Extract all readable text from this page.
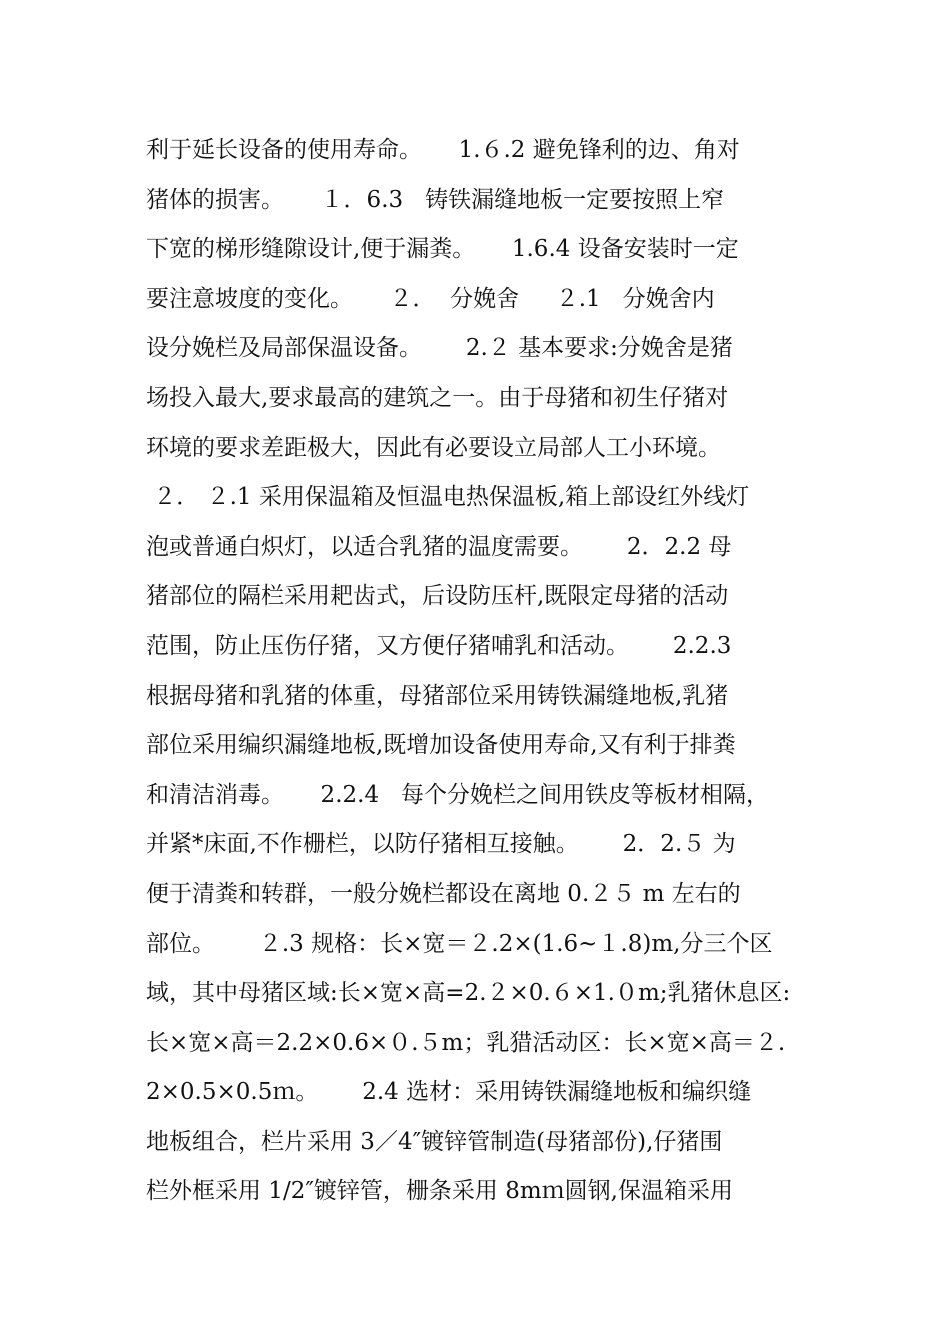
利于延长设备的使用寿命。     1.６.2 避免锋利的边、角对
猪体的损害。     １．6.3   铸铁漏缝地板一定要按照上窄
下宽的梯形缝隙设计,便于漏粪。     1.6.4 设备安装时一定
要注意坡度的变化。     ２．  分娩舍     ２.1   分娩舍内
设分娩栏及局部保温设备。      2.２ 基本要求:分娩舍是猪
场投入最大,要求最高的建筑之一。由于母猪和初生仔猪对
环境的要求差距极大，因此有必要设立局部人工小环境。
２． ２.1 采用保温箱及恒温电热保温板,箱上部设红外线灯
泡或普通白炽灯，以适合乳猪的温度需要。      2．2.2 母
猪部位的隔栏采用耙齿式，后设防压杆,既限定母猪的活动
范围，防止压伤仔猪，又方便仔猪哺乳和活动。      2.2.3
根据母猪和乳猪的体重，母猪部位采用铸铁漏缝地板,乳猪
部位采用编织漏缝地板,既增加设备使用寿命,又有利于排粪
和清洁消毒。     2.2.4   每个分娩栏之间用铁皮等板材相隔，
并紧*床面,不作栅栏，以防仔猪相互接触。      2．2.５ 为
便于清粪和转群，一般分娩栏都设在离地 0.２５ m 左右的
部位。      ２.3 规格：长×宽＝２.2×(1.6~１.8)m,分三个区
域，其中母猪区域:长×宽×高=2.２×0.６×1.０m;乳猪休息区:
长×宽×高＝2.2×0.6×０.５m；乳猎活动区：长×宽×高＝２.
2×0.5×0.5ｍ。      2.4 选材：采用铸铁漏缝地板和编织缝
地板组合，栏片采用 3／4″镀锌管制造(母猪部份),仔猪围
栏外框采用 1/2″镀锌管，栅条采用 8mｍ圆钢,保温箱采用
